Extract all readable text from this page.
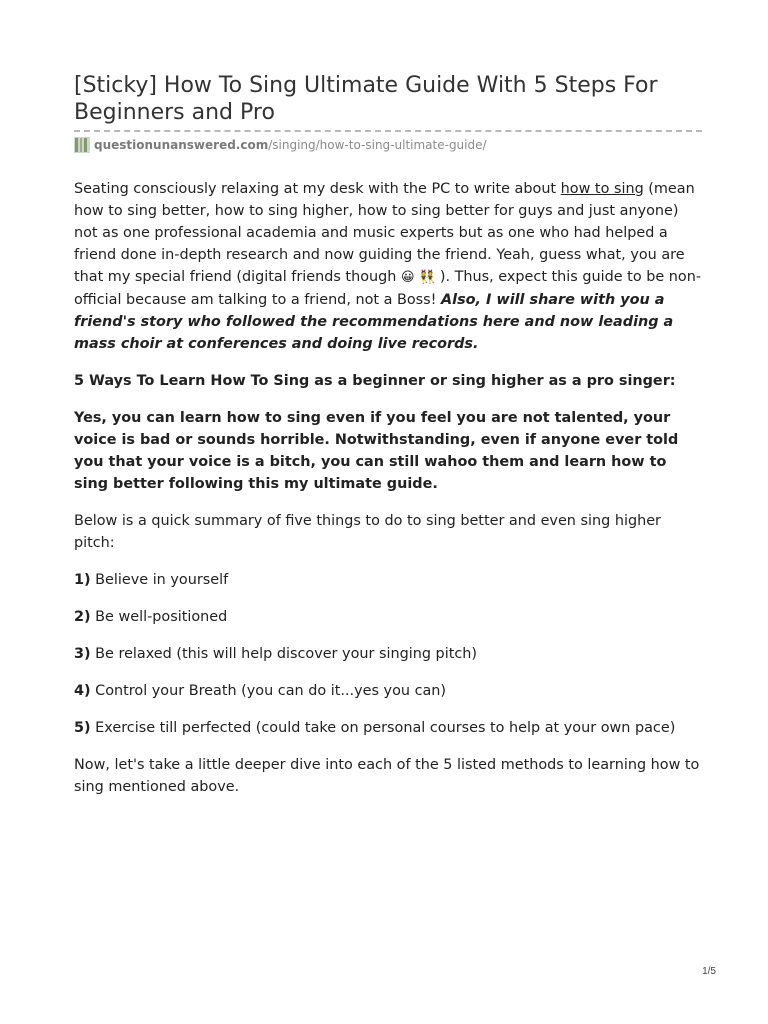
[Sticky] How To Sing Ultimate Guide With 5 Steps For Beginners and Pro
questionunanswered.com /singing/how-to-sing-ultimate-guide/

Seating consciously relaxing at my desk with the PC to write about how to sing (mean how to sing better, how to sing higher, how to sing better for guys and just anyone) not as one professional academia and music experts but as one who had helped a friend done in-depth research and now guiding the friend. Yeah, guess what, you are that my special friend (digital friends though 😀 👯 ). Thus, expect this guide to be non-official because am talking to a friend, not a Boss! Also, I will share with you a friend's story who followed the recommendations here and now leading a mass choir at conferences and doing live records.

5 Ways To Learn How To Sing as a beginner or sing higher as a pro singer:

Yes, you can learn how to sing even if you feel you are not talented, your voice is bad or sounds horrible. Notwithstanding, even if anyone ever told you that your voice is a bitch, you can still wahoo them and learn how to sing better following this my ultimate guide.

Below is a quick summary of five things to do to sing better and even sing higher pitch:

1) Believe in yourself

2) Be well-positioned

3) Be relaxed (this will help discover your singing pitch)

4) Control your Breath (you can do it...yes you can)

5) Exercise till perfected (could take on personal courses to help at your own pace)

Now, let's take a little deeper dive into each of the 5 listed methods to learning how to sing mentioned above.

1/5
